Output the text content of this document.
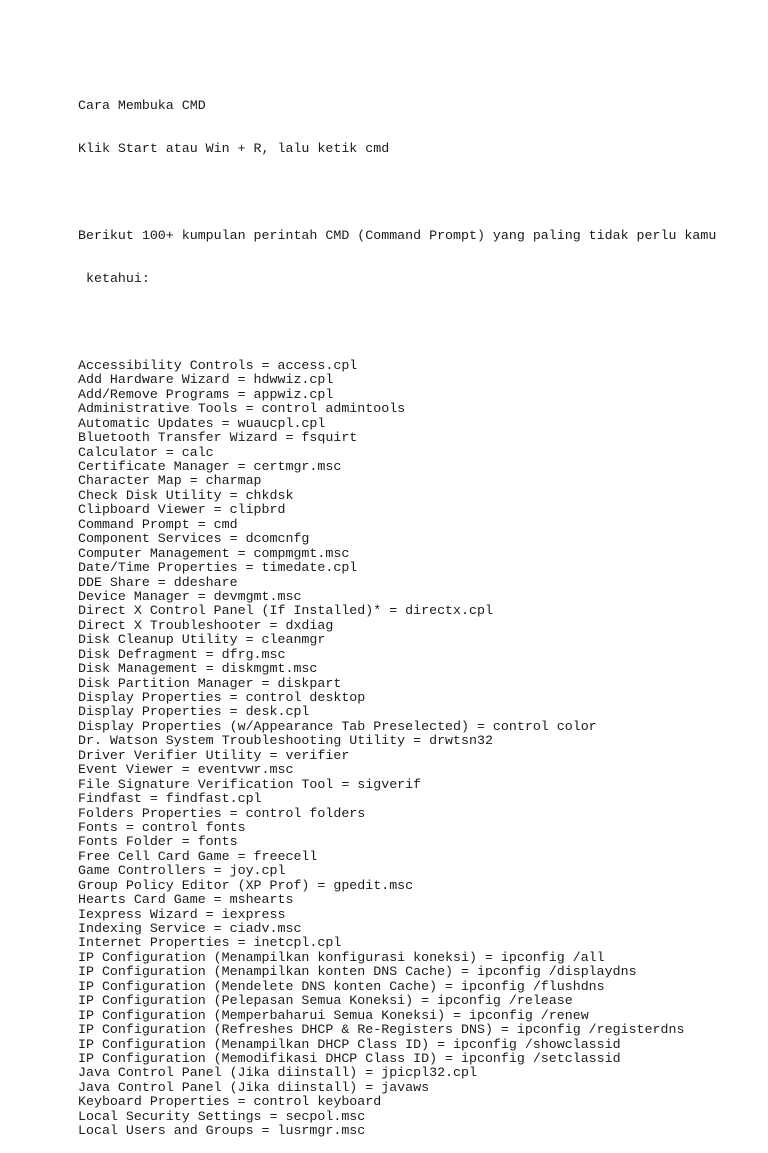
Cara Membuka CMD

Klik Start atau Win + R, lalu ketik cmd

Berikut 100+ kumpulan perintah CMD (Command Prompt) yang paling tidak perlu kamu

ketahui:

Accessibility Controls = access.cpl
Add Hardware Wizard = hdwwiz.cpl
Add/Remove Programs = appwiz.cpl
Administrative Tools = control admintools
Automatic Updates = wuaucpl.cpl
Bluetooth Transfer Wizard = fsquirt
Calculator = calc
Certificate Manager = certmgr.msc
Character Map = charmap
Check Disk Utility = chkdsk
Clipboard Viewer = clipbrd
Command Prompt = cmd
Component Services = dcomcnfg
Computer Management = compmgmt.msc
Date/Time Properties = timedate.cpl
DDE Share = ddeshare
Device Manager = devmgmt.msc
Direct X Control Panel (If Installed)* = directx.cpl
Direct X Troubleshooter = dxdiag
Disk Cleanup Utility = cleanmgr
Disk Defragment = dfrg.msc
Disk Management = diskmgmt.msc
Disk Partition Manager = diskpart
Display Properties = control desktop
Display Properties = desk.cpl
Display Properties (w/Appearance Tab Preselected) = control color
Dr. Watson System Troubleshooting Utility = drwtsn32
Driver Verifier Utility = verifier
Event Viewer = eventvwr.msc
File Signature Verification Tool = sigverif
Findfast = findfast.cpl
Folders Properties = control folders
Fonts = control fonts
Fonts Folder = fonts
Free Cell Card Game = freecell
Game Controllers = joy.cpl
Group Policy Editor (XP Prof) = gpedit.msc
Hearts Card Game = mshearts
Iexpress Wizard = iexpress
Indexing Service = ciadv.msc
Internet Properties = inetcpl.cpl
IP Configuration (Menampilkan konfigurasi koneksi) = ipconfig /all
IP Configuration (Menampilkan konten DNS Cache) = ipconfig /displaydns
IP Configuration (Mendelete DNS konten Cache) = ipconfig /flushdns
IP Configuration (Pelepasan Semua Koneksi) = ipconfig /release
IP Configuration (Memperbaharui Semua Koneksi) = ipconfig /renew
IP Configuration (Refreshes DHCP & Re-Registers DNS) = ipconfig /registerdns
IP Configuration (Menampilkan DHCP Class ID) = ipconfig /showclassid
IP Configuration (Memodifikasi DHCP Class ID) = ipconfig /setclassid
Java Control Panel (Jika diinstall) = jpicpl32.cpl
Java Control Panel (Jika diinstall) = javaws
Keyboard Properties = control keyboard
Local Security Settings = secpol.msc
Local Users and Groups = lusrmgr.msc
